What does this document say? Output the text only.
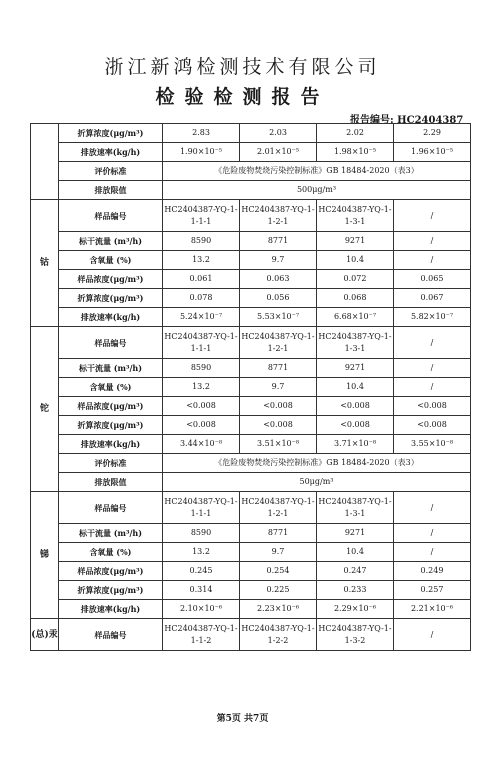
浙江新鸿检测技术有限公司
检验检测报告
报告编号: HC2404387
	折算浓度(μg/m³)	2.83	2.03	2.02	2.29
	排放速率(kg/h)	1.90×10⁻⁵	2.01×10⁻⁵	1.98×10⁻⁵	1.96×10⁻⁵
	评价标准	《危险废物焚烧污染控制标准》GB 18484-2020（表3）			
	排放限值	500μg/m³			
钴	样品编号	HC2404387-YQ-1-1-1-1	HC2404387-YQ-1-1-2-1	HC2404387-YQ-1-1-3-1	/
	标干流量 (m³/h)	8590	8771	9271	/
	含氧量 (%)	13.2	9.7	10.4	/
	样品浓度(μg/m³)	0.061	0.063	0.072	0.065
	折算浓度(μg/m³)	0.078	0.056	0.068	0.067
	排放速率(kg/h)	5.24×10⁻⁷	5.53×10⁻⁷	6.68×10⁻⁷	5.82×10⁻⁷
铊	样品编号	HC2404387-YQ-1-1-1-1	HC2404387-YQ-1-1-2-1	HC2404387-YQ-1-1-3-1	/
	标干流量 (m³/h)	8590	8771	9271	/
	含氧量 (%)	13.2	9.7	10.4	/
	样品浓度(μg/m³)	<0.008	<0.008	<0.008	<0.008
	折算浓度(μg/m³)	<0.008	<0.008	<0.008	<0.008
	排放速率(kg/h)	3.44×10⁻⁸	3.51×10⁻⁸	3.71×10⁻⁸	3.55×10⁻⁸
	评价标准	《危险废物焚烧污染控制标准》GB 18484-2020（表3）			
	排放限值	50μg/m³			
锑	样品编号	HC2404387-YQ-1-1-1-1	HC2404387-YQ-1-1-2-1	HC2404387-YQ-1-1-3-1	/
	标干流量 (m³/h)	8590	8771	9271	/
	含氧量 (%)	13.2	9.7	10.4	/
	样品浓度(μg/m³)	0.245	0.254	0.247	0.249
	折算浓度(μg/m³)	0.314	0.225	0.233	0.257
	排放速率(kg/h)	2.10×10⁻⁶	2.23×10⁻⁶	2.29×10⁻⁶	2.21×10⁻⁶
(总)汞	样品编号	HC2404387-YQ-1-1-1-2	HC2404387-YQ-1-1-2-2	HC2404387-YQ-1-1-3-2	/
第5页 共7页
